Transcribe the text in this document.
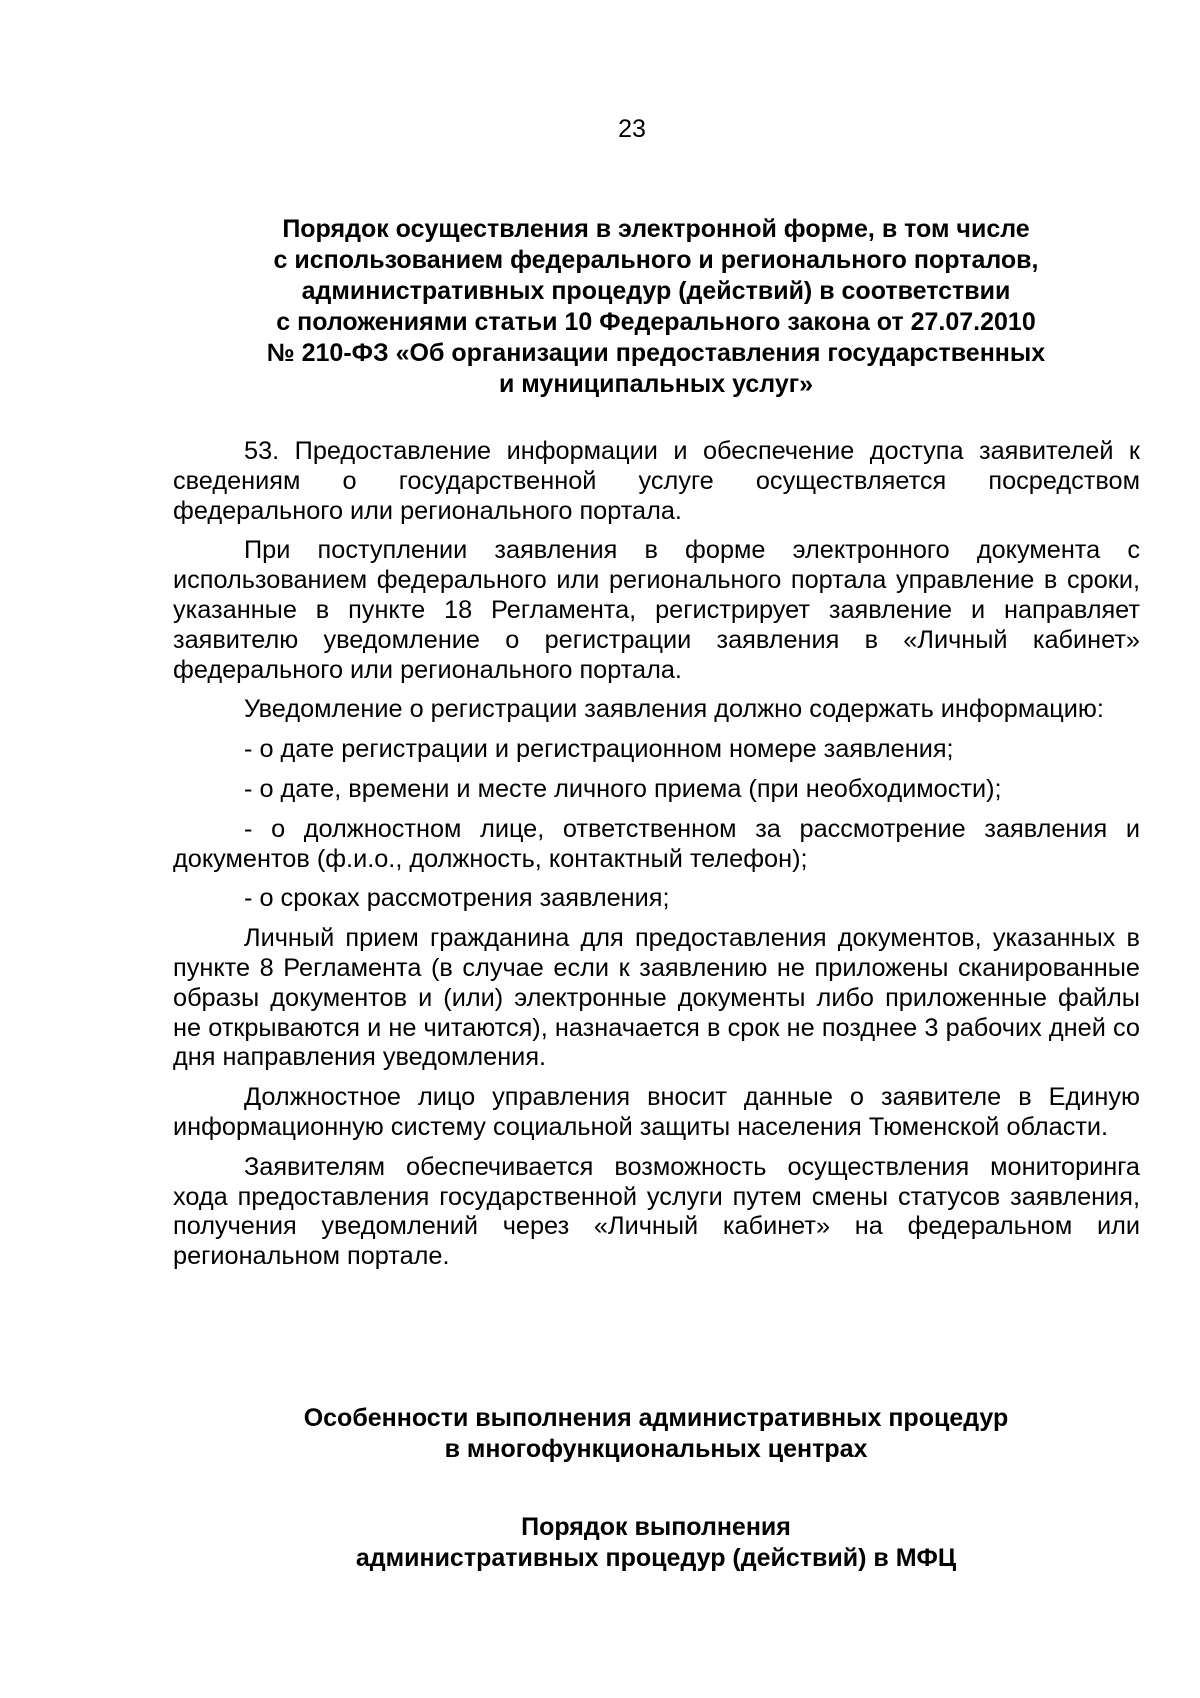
23
Порядок осуществления в электронной форме, в том числе
с использованием федерального и регионального порталов,
административных процедур (действий) в соответствии
с положениями статьи 10 Федерального закона от 27.07.2010
№ 210-ФЗ «Об организации предоставления государственных
и муниципальных услуг»

53. Предоставление информации и обеспечение доступа заявителей к сведениям о государственной услуге осуществляется посредством федерального или регионального портала.

При поступлении заявления в форме электронного документа с использованием федерального или регионального портала управление в сроки, указанные в пункте 18 Регламента, регистрирует заявление и направляет заявителю уведомление о регистрации заявления в «Личный кабинет» федерального или регионального портала.

Уведомление о регистрации заявления должно содержать информацию:

- о дате регистрации и регистрационном номере заявления;

- о дате, времени и месте личного приема (при необходимости);

- о должностном лице, ответственном за рассмотрение заявления и документов (ф.и.о., должность, контактный телефон);

- о сроках рассмотрения заявления;

Личный прием гражданина для предоставления документов, указанных в пункте 8 Регламента (в случае если к заявлению не приложены сканированные образы документов и (или) электронные документы либо приложенные файлы не открываются и не читаются), назначается в срок не позднее 3 рабочих дней со дня направления уведомления.

Должностное лицо управления вносит данные о заявителе в Единую информационную систему социальной защиты населения Тюменской области.

Заявителям обеспечивается возможность осуществления мониторинга хода предоставления государственной услуги путем смены статусов заявления, получения уведомлений через «Личный кабинет» на федеральном или региональном портале.

Особенности выполнения административных процедур
в многофункциональных центрах
Порядок выполнения
административных процедур (действий) в МФЦ
